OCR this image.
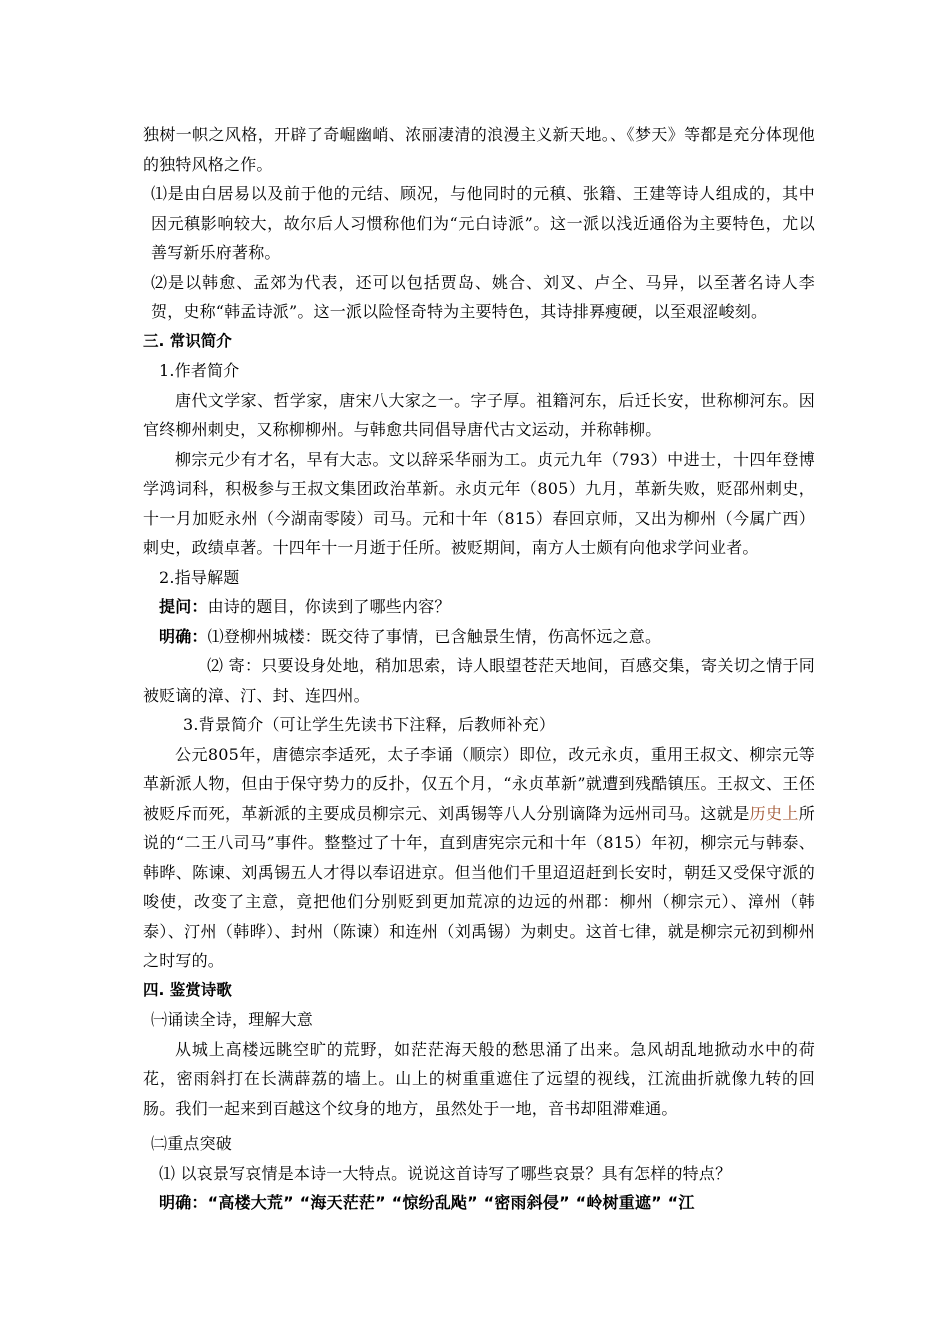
独树一帜之风格，开辟了奇崛幽峭、浓丽凄清的浪漫主义新天地。、《梦天》等都是充分体现他的独特风格之作。

⑴是由白居易以及前于他的元结、顾况，与他同时的元稹、张籍、王建等诗人组成的，其中因元稹影响较大，故尔后人习惯称他们为“元白诗派”。这一派以浅近通俗为主要特色，尤以善写新乐府著称。

⑵是以韩愈、孟郊为代表，还可以包括贾岛、姚合、刘叉、卢仝、马异，以至著名诗人李贺，史称“韩孟诗派”。这一派以险怪奇特为主要特色，其诗排奡瘦硬，以至艰涩峻刻。

三. 常识简介

1.作者简介

唐代文学家、哲学家，唐宋八大家之一。字子厚。祖籍河东，后迁长安，世称柳河东。因官终柳州刺史，又称柳柳州。与韩愈共同倡导唐代古文运动，并称韩柳。

柳宗元少有才名，早有大志。文以辞采华丽为工。贞元九年（793）中进士，十四年登博学鸿词科，积极参与王叔文集团政治革新。永贞元年（805）九月，革新失败，贬邵州刺史，十一月加贬永州（今湖南零陵）司马。元和十年（815）春回京师，又出为柳州（今属广西）刺史，政绩卓著。十四年十一月逝于任所。被贬期间，南方人士颇有向他求学问业者。

2.指导解题

提问：由诗的题目，你读到了哪些内容？

明确：⑴登柳州城楼：既交待了事情，已含触景生情，伤高怀远之意。

⑵ 寄：只要设身处地，稍加思索，诗人眼望苍茫天地间，百感交集，寄关切之情于同被贬谪的漳、汀、封、连四州。

3.背景简介（可让学生先读书下注释，后教师补充）

公元805年，唐德宗李适死，太子李诵（顺宗）即位，改元永贞，重用王叔文、柳宗元等革新派人物，但由于保守势力的反扑，仅五个月，“永贞革新”就遭到残酷镇压。王叔文、王伾被贬斥而死，革新派的主要成员柳宗元、刘禹锡等八人分别谪降为远州司马。这就是历史上所说的“二王八司马”事件。整整过了十年，直到唐宪宗元和十年（815）年初，柳宗元与韩泰、韩晔、陈谏、刘禹锡五人才得以奉诏进京。但当他们千里迢迢赶到长安时，朝廷又受保守派的唆使，改变了主意，竟把他们分别贬到更加荒凉的边远的州郡：柳州（柳宗元）、漳州（韩泰）、汀州（韩晔）、封州（陈谏）和连州（刘禹锡）为刺史。这首七律，就是柳宗元初到柳州之时写的。

四. 鉴赏诗歌

㈠诵读全诗，理解大意

从城上高楼远眺空旷的荒野，如茫茫海天般的愁思涌了出来。急风胡乱地掀动水中的荷花，密雨斜打在长满薜荔的墙上。山上的树重重遮住了远望的视线，江流曲折就像九转的回肠。我们一起来到百越这个纹身的地方，虽然处于一地，音书却阻滞难通。

㈡重点突破

⑴ 以哀景写哀情是本诗一大特点。说说这首诗写了哪些哀景？具有怎样的特点？

明确：“高楼大荒” “海天茫茫” “惊纷乱飐” “密雨斜侵” “岭树重遮” “江
